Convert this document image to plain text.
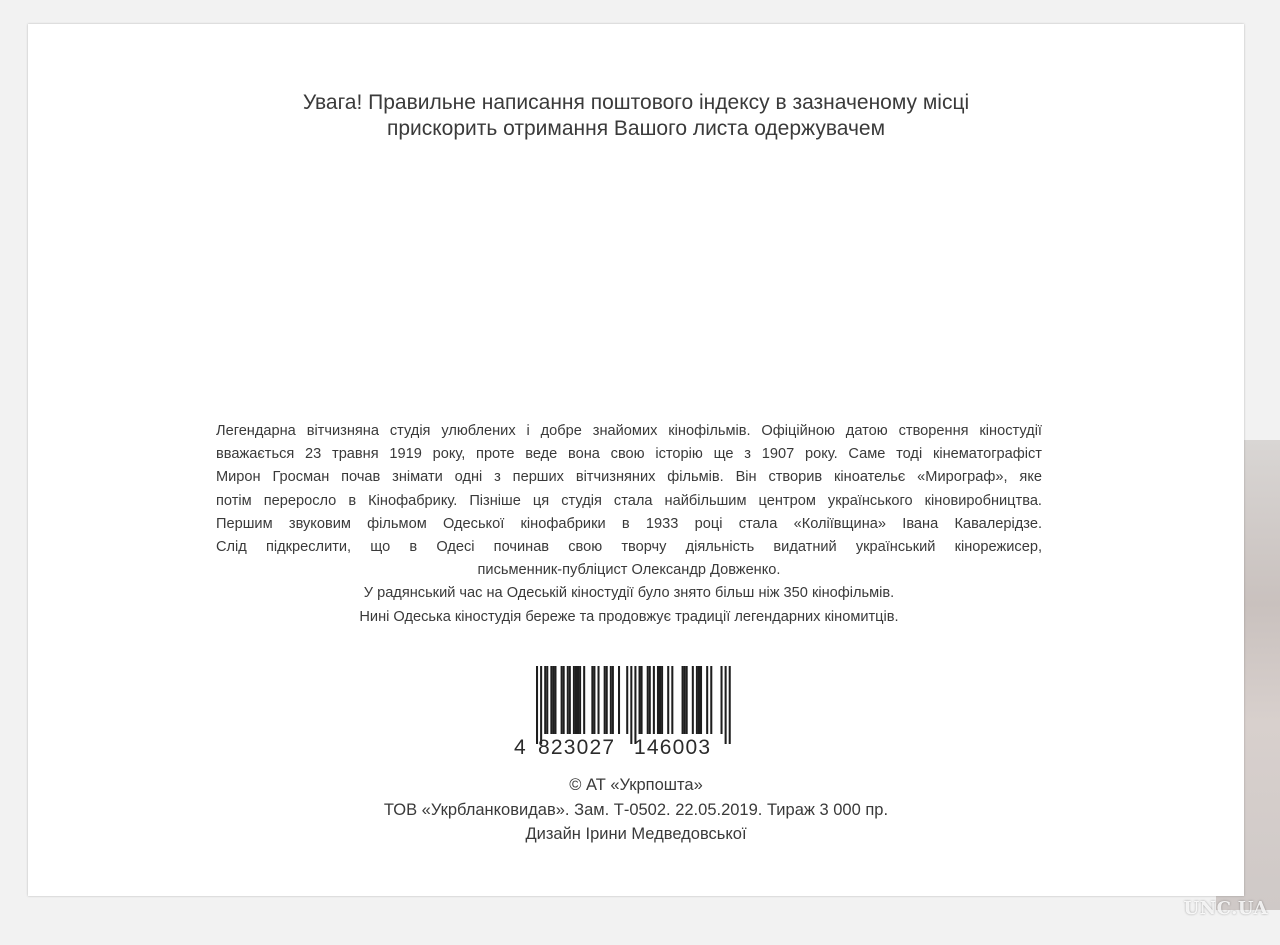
Увага! Правильне написання поштового індексу в зазначеному місці
прискорить отримання Вашого листа одержувачем
Легендарна вітчизняна студія улюблених і добре знайомих кінофільмів. Офіційною датою створення кіностудії
вважається 23 травня 1919 року, проте веде вона свою історію ще з 1907 року. Саме тоді кінематографіст
Мирон Гросман почав знімати одні з перших вітчизняних фільмів. Він створив кіноательє «Мирограф», яке
потім переросло в Кінофабрику. Пізніше ця студія стала найбільшим центром українського кіновиробництва.
Першим звуковим фільмом Одеської кінофабрики в 1933 році стала «Коліївщина» Івана Кавалерідзе.
Слід підкреслити, що в Одесі починав свою творчу діяльність видатний український кінорежисер,
письменник-публіцист Олександр Довженко.
У радянський час на Одеській кіностудії було знято більш ніж 350 кінофільмів.
Нині Одеська кіностудія береже та продовжує традиції легендарних кіномитців.
4 823027 146003
© АТ «Укрпошта»
ТОВ «Укрбланковидав». Зам. Т-0502. 22.05.2019. Тираж 3 000 пр.
Дизайн Ірини Медведовської
UNC.UA
